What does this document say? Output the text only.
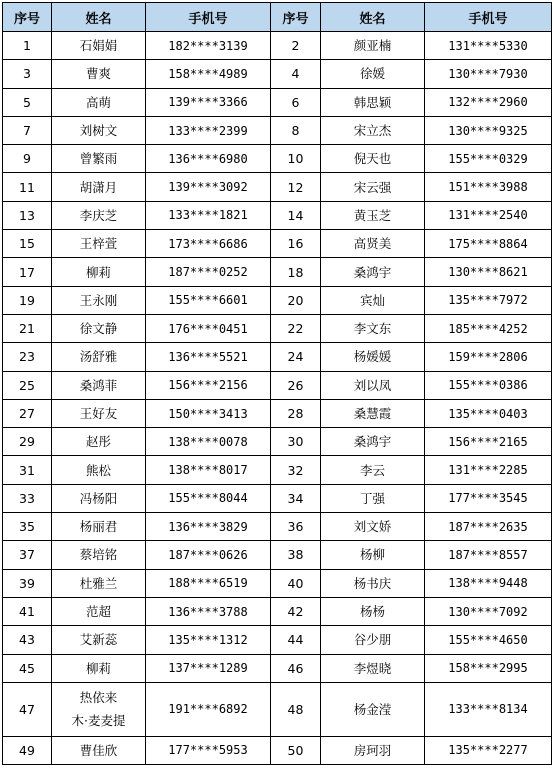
序号	姓名	手机号	序号	姓名	手机号
1	石娟娟	182****3139	2	颜亚楠	131****5330
3	曹爽	158****4989	4	徐媛	130****7930
5	高萌	139****3366	6	韩思颖	132****2960
7	刘树文	133****2399	8	宋立杰	130****9325
9	曾繁雨	136****6980	10	倪天也	155****0329
11	胡潇月	139****3092	12	宋云强	151****3988
13	李庆芝	133****1821	14	黄玉芝	131****2540
15	王梓萱	173****6686	16	高贤美	175****8864
17	柳莉	187****0252	18	桑鸿宇	130****8621
19	王永刚	155****6601	20	宾灿	135****7972
21	徐文静	176****0451	22	李文东	185****4252
23	汤舒雅	136****5521	24	杨媛媛	159****2806
25	桑鸿菲	156****2156	26	刘以凤	155****0386
27	王好友	150****3413	28	桑慧霞	135****0403
29	赵彤	138****0078	30	桑鸿宇	156****2165
31	熊松	138****8017	32	李云	131****2285
33	冯杨阳	155****8044	34	丁强	177****3545
35	杨丽君	136****3829	36	刘文娇	187****2635
37	蔡培铭	187****0626	38	杨柳	187****8557
39	杜雅兰	188****6519	40	杨书庆	138****9448
41	范超	136****3788	42	杨杨	130****7092
43	艾新蕊	135****1312	44	谷少朋	155****4650
45	柳莉	137****1289	46	李煜晓	158****2995
47	热依来
木·麦麦提	191****6892	48	杨金滢	133****8134
49	曹佳欣	177****5953	50	房珂羽	135****2277
